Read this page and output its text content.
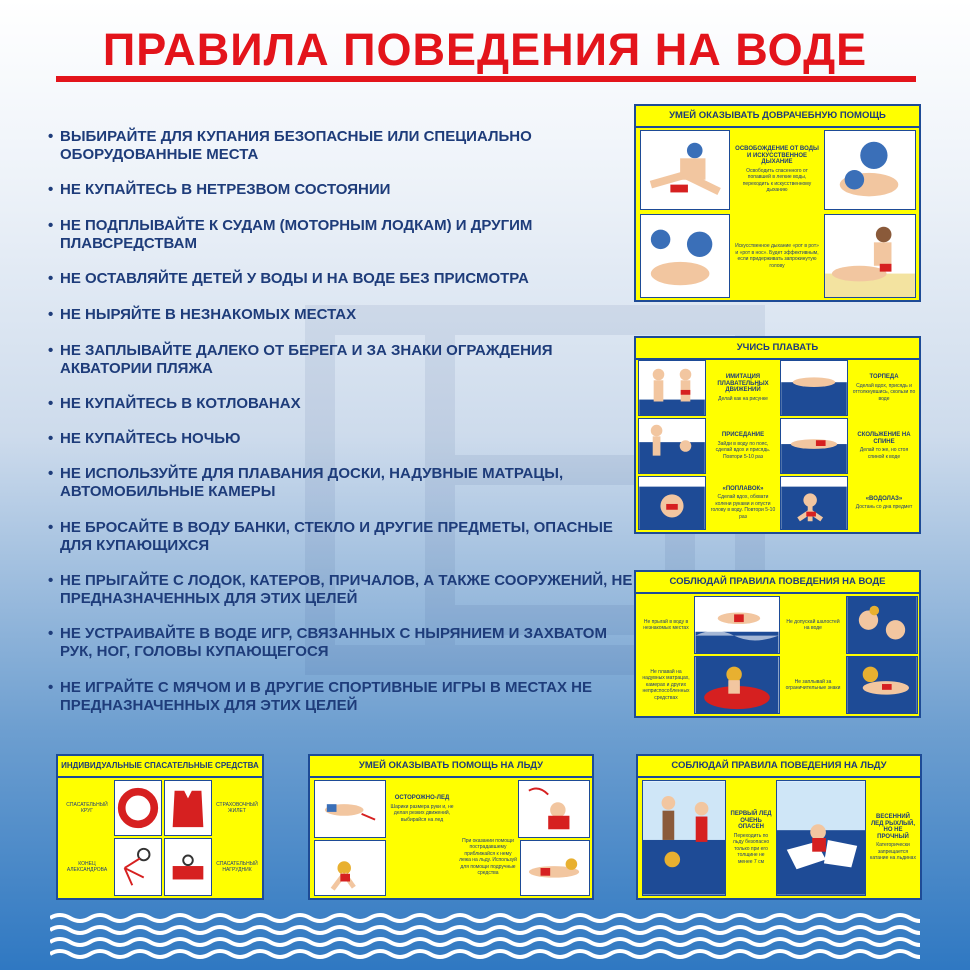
ПРАВИЛА ПОВЕДЕНИЯ НА ВОДЕ
• ВЫБИРАЙТЕ ДЛЯ КУПАНИЯ БЕЗОПАСНЫЕ ИЛИ СПЕЦИАЛЬНО ОБОРУДОВАННЫЕ МЕСТА
• НЕ КУПАЙТЕСЬ В НЕТРЕЗВОМ СОСТОЯНИИ
• НЕ ПОДПЛЫВАЙТЕ К СУДАМ (МОТОРНЫМ ЛОДКАМ) И ДРУГИМ ПЛАВСРЕДСТВАМ
• НЕ ОСТАВЛЯЙТЕ ДЕТЕЙ У ВОДЫ И НА ВОДЕ БЕЗ ПРИСМОТРА
• НЕ НЫРЯЙТЕ В НЕЗНАКОМЫХ МЕСТАХ
• НЕ ЗАПЛЫВАЙТЕ ДАЛЕКО ОТ БЕРЕГА И ЗА ЗНАКИ ОГРАЖДЕНИЯ АКВАТОРИИ ПЛЯЖА
• НЕ КУПАЙТЕСЬ В КОТЛОВАНАХ
• НЕ КУПАЙТЕСЬ НОЧЬЮ
• НЕ ИСПОЛЬЗУЙТЕ ДЛЯ ПЛАВАНИЯ ДОСКИ, НАДУВНЫЕ МАТРАЦЫ, АВТОМОБИЛЬНЫЕ КАМЕРЫ
• НЕ БРОСАЙТЕ В ВОДУ БАНКИ, СТЕКЛО И ДРУГИЕ ПРЕДМЕТЫ, ОПАСНЫЕ ДЛЯ КУПАЮЩИХСЯ
• НЕ ПРЫГАЙТЕ С ЛОДОК, КАТЕРОВ, ПРИЧАЛОВ, А ТАКЖЕ СООРУЖЕНИЙ, НЕ ПРЕДНАЗНАЧЕННЫХ ДЛЯ ЭТИХ ЦЕЛЕЙ
• НЕ УСТРАИВАЙТЕ В ВОДЕ ИГР, СВЯЗАННЫХ С НЫРЯНИЕМ И ЗАХВАТОМ РУК, НОГ, ГОЛОВЫ КУПАЮЩЕГОСЯ
• НЕ ИГРАЙТЕ С МЯЧОМ И В ДРУГИЕ СПОРТИВНЫЕ ИГРЫ В МЕСТАХ НЕ ПРЕДНАЗНАЧЕННЫХ ДЛЯ ЭТИХ ЦЕЛЕЙ
УМЕЙ ОКАЗЫВАТЬ ДОВРАЧЕБНУЮ ПОМОЩЬ
ОСВОБОЖДЕНИЕ ОТ ВОДЫ И ИСКУССТВЕННОЕ ДЫХАНИЕ
Освободить спасенного от попавшей в легкие воды, переходить к искусственному дыханию
Искусственное дыхание «рот в рот» и «рот в нос». Будет эффективным, если придерживать запрокинутую голову
УЧИСЬ ПЛАВАТЬ
ИМИТАЦИЯ ПЛАВАТЕЛЬНЫХ ДВИЖЕНИЙ
Делай как на рисунке
ТОРПЕДА
Сделай вдох, присядь и оттолкнувшись, скользи по воде
ПРИСЕДАНИЕ
Зайди в воду по пояс, сделай вдох и присядь. Повтори 5-10 раз
СКОЛЬЖЕНИЕ НА СПИНЕ
Делай то же, но стоя спиной к воде
«ПОПЛАВОК»
Сделай вдох, обхвати колени руками и опусти голову в воду. Повтори 5-10 раз
«ВОДОЛАЗ»
Достань со дна предмет
СОБЛЮДАЙ ПРАВИЛА ПОВЕДЕНИЯ НА ВОДЕ
Не прыгай в воду в незнакомых местах
Не допускай шалостей на воде
Не плавай на надувных матрацах, камерах и других неприспособленных средствах
Не заплывай за ограничительные знаки
ИНДИВИДУАЛЬНЫЕ СПАСАТЕЛЬНЫЕ СРЕДСТВА
СПАСАТЕЛЬНЫЙ КРУГ
СТРАХОВОЧНЫЙ ЖИЛЕТ
КОНЕЦ АЛЕКСАНДРОВА
СПАСАТЕЛЬНЫЙ НАГРУДНИК
УМЕЙ ОКАЗЫВАТЬ ПОМОЩЬ НА ЛЬДУ
ОСТОРОЖНО-ЛЕД
Шарики размера руки и, не делая резких движений, выбирайся на лед
При оказании помощи пострадавшему приближайся к нему лежа на льду. Используй для помощи подручные средства
СОБЛЮДАЙ ПРАВИЛА ПОВЕДЕНИЯ НА ЛЬДУ
ПЕРВЫЙ ЛЕД ОЧЕНЬ ОПАСЕН
Переходить по льду безопасно только при его толщине не менее 7 см
ВЕСЕННИЙ ЛЕД РЫХЛЫЙ, НО НЕ ПРОЧНЫЙ
Категорически запрещается катание на льдинах
